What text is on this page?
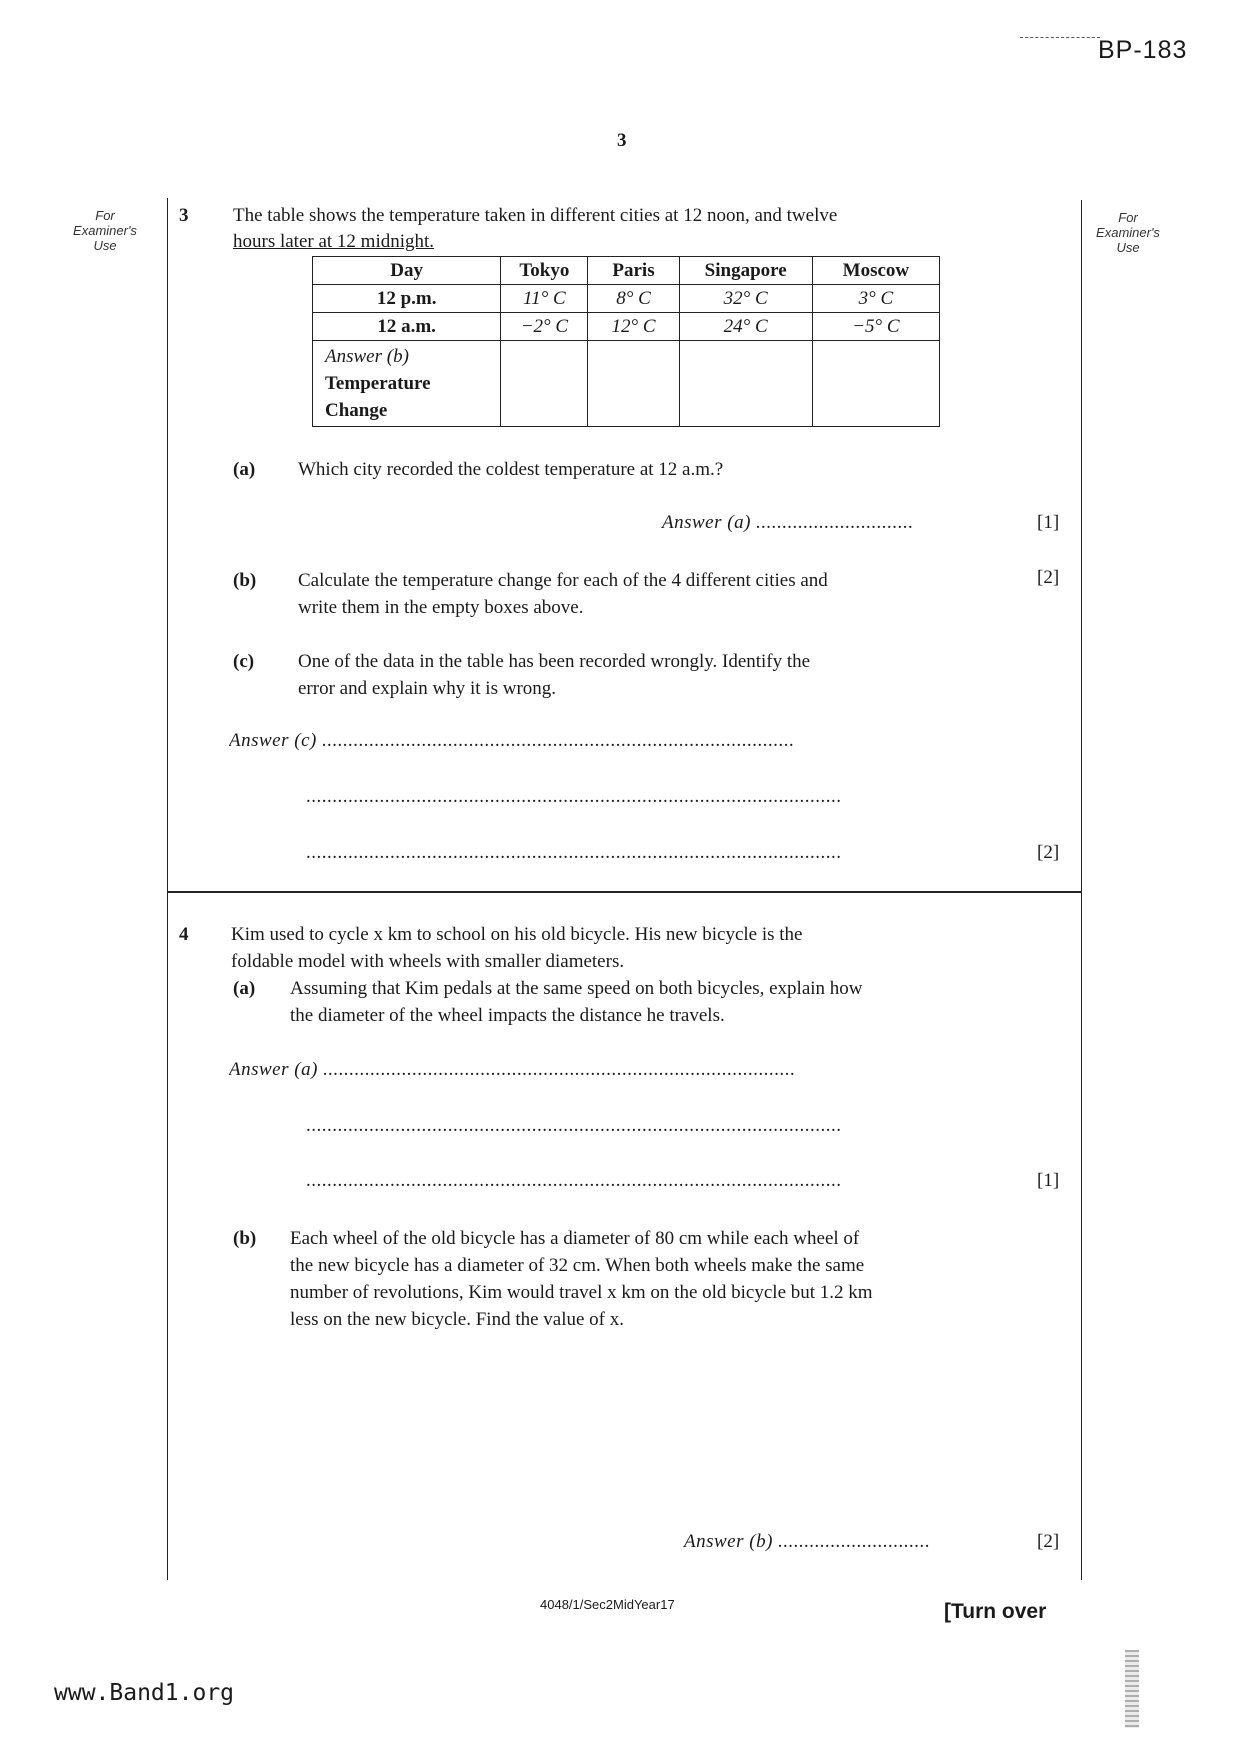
BP-183
3
For
Examiner's
Use
For
Examiner's
Use
3 The table shows the temperature taken in different cities at 12 noon, and twelve
hours later at 12 midnight.
Day	Tokyo	Paris	Singapore	Moscow
12 p.m.	11° C	8° C	32° C	3° C
12 a.m.	−2° C	12° C	24° C	−5° C

Answer (b)
Temperature
Change				

(a) Which city recorded the coldest temperature at 12 a.m.?
Answer (a) ..............................	[1]
(b) Calculate the temperature change for each of the 4 different cities and
write them in the empty boxes above.
[2]
(c) One of the data in the table has been recorded wrongly. Identify the
error and explain why it is wrong.
Answer (c) ..........................................................................................
......................................................................................................
......................................................................................................	[2]
4 Kim used to cycle x km to school on his old bicycle. His new bicycle is the
foldable model with wheels with smaller diameters.
(a) Assuming that Kim pedals at the same speed on both bicycles, explain how
the diameter of the wheel impacts the distance he travels.
Answer (a) ..........................................................................................
......................................................................................................
......................................................................................................	[1]
(b) Each wheel of the old bicycle has a diameter of 80 cm while each wheel of
the new bicycle has a diameter of 32 cm. When both wheels make the same
number of revolutions, Kim would travel x km on the old bicycle but 1.2 km
less on the new bicycle. Find the value of x.
Answer (b) .............................	[2]
4048/1/Sec2MidYear17	[Turn over
www.Band1.org
